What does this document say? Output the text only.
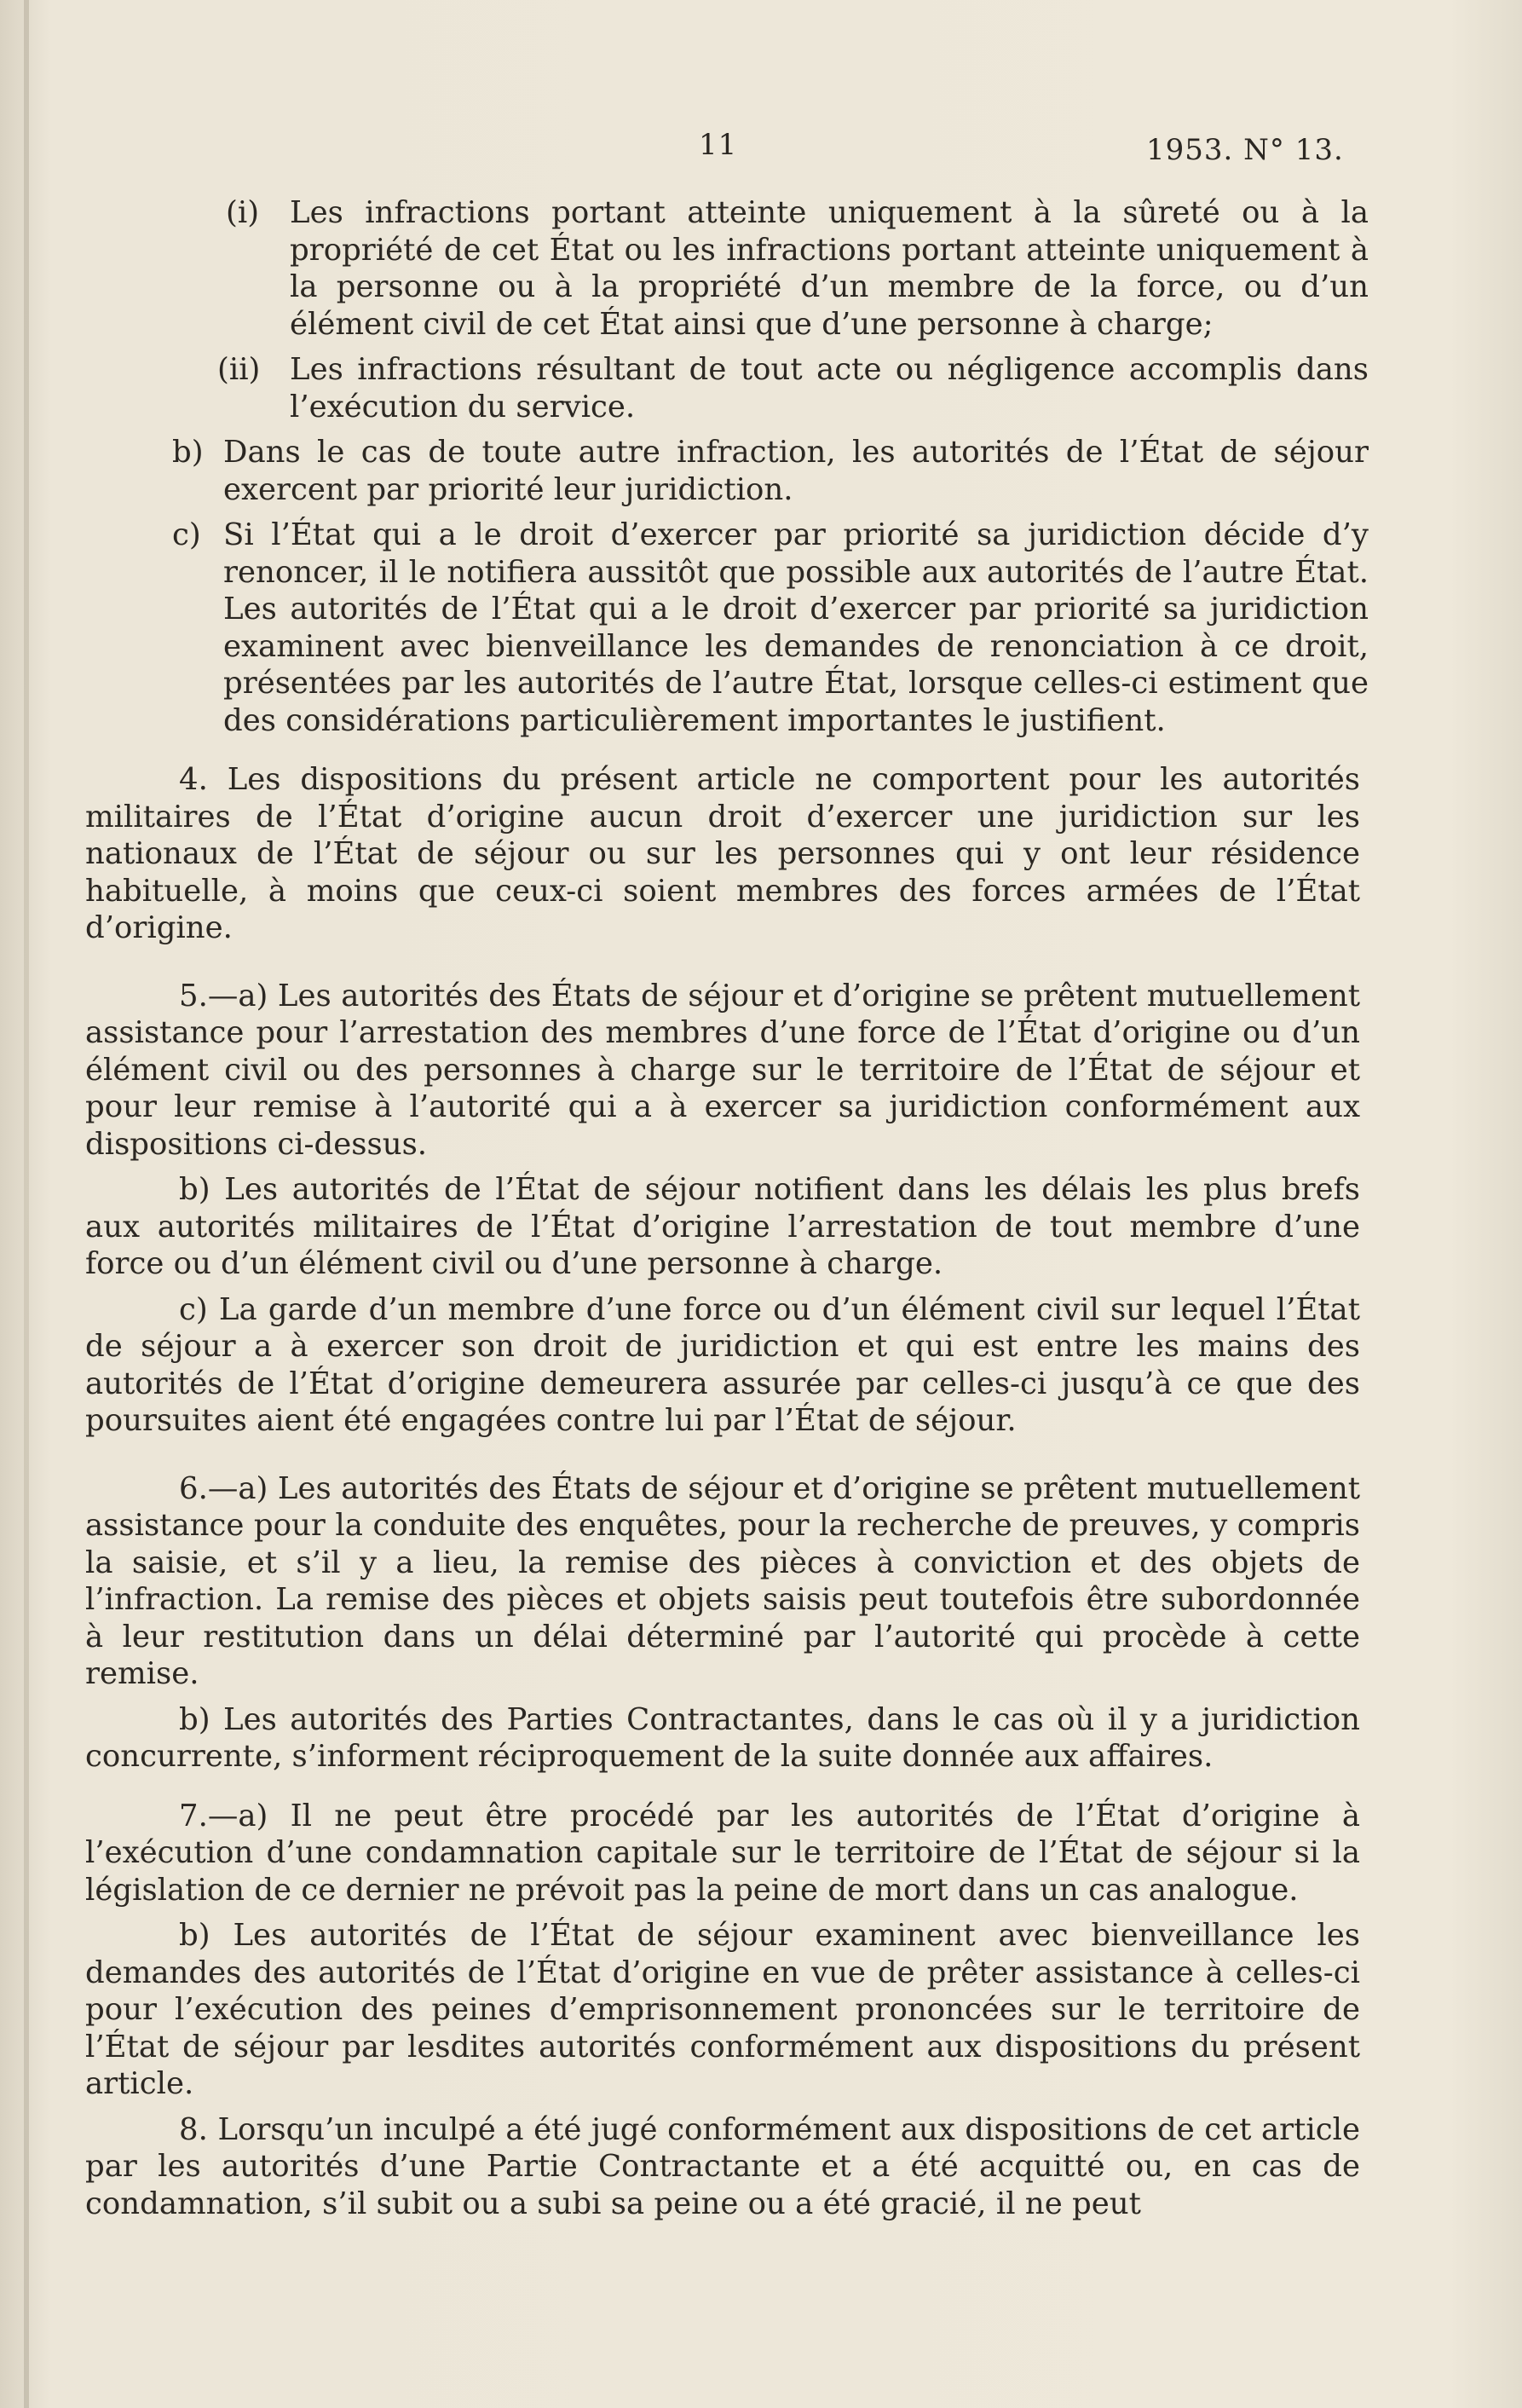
11	1953. N° 13.
(i) Les infractions portant atteinte uniquement à la sûreté ou à la propriété de cet État ou les infractions portant atteinte uniquement à la personne ou à la propriété d’un membre de la force, ou d’un élément civil de cet État ainsi que d’une personne à charge;
(ii) Les infractions résultant de tout acte ou négligence accomplis dans l’exécution du service.
b) Dans le cas de toute autre infraction, les autorités de l’État de séjour exercent par priorité leur juridiction.
c) Si l’État qui a le droit d’exercer par priorité sa juridiction décide d’y renoncer, il le notifiera aussitôt que possible aux autorités de l’autre État. Les autorités de l’État qui a le droit d’exercer par priorité sa juridiction examinent avec bienveillance les demandes de renonciation à ce droit, présentées par les autorités de l’autre État, lorsque celles-ci estiment que des considérations particulièrement importantes le justifient.
4. Les dispositions du présent article ne comportent pour les autorités militaires de l’État d’origine aucun droit d’exercer une juridiction sur les nationaux de l’État de séjour ou sur les personnes qui y ont leur résidence habituelle, à moins que ceux-ci soient membres des forces armées de l’État d’origine.
5.—a) Les autorités des États de séjour et d’origine se prêtent mutuellement assistance pour l’arrestation des membres d’une force de l’État d’origine ou d’un élément civil ou des personnes à charge sur le territoire de l’État de séjour et pour leur remise à l’autorité qui a à exercer sa juridiction conformément aux dispositions ci-dessus.
b) Les autorités de l’État de séjour notifient dans les délais les plus brefs aux autorités militaires de l’État d’origine l’arrestation de tout membre d’une force ou d’un élément civil ou d’une personne à charge.
c) La garde d’un membre d’une force ou d’un élément civil sur lequel l’État de séjour a à exercer son droit de juridiction et qui est entre les mains des autorités de l’État d’origine demeurera assurée par celles-ci jusqu’à ce que des poursuites aient été engagées contre lui par l’État de séjour.
6.—a) Les autorités des États de séjour et d’origine se prêtent mutuellement assistance pour la conduite des enquêtes, pour la recherche de preuves, y compris la saisie, et s’il y a lieu, la remise des pièces à conviction et des objets de l’infraction. La remise des pièces et objets saisis peut toutefois être subordonnée à leur restitution dans un délai déterminé par l’autorité qui procède à cette remise.
b) Les autorités des Parties Contractantes, dans le cas où il y a juridiction concurrente, s’informent réciproquement de la suite donnée aux affaires.
7.—a) Il ne peut être procédé par les autorités de l’État d’origine à l’exécution d’une condamnation capitale sur le territoire de l’État de séjour si la législation de ce dernier ne prévoit pas la peine de mort dans un cas analogue.
b) Les autorités de l’État de séjour examinent avec bienveillance les demandes des autorités de l’État d’origine en vue de prêter assistance à celles-ci pour l’exécution des peines d’emprisonnement prononcées sur le territoire de l’État de séjour par lesdites autorités conformément aux dispositions du présent article.
8. Lorsqu’un inculpé a été jugé conformément aux dispositions de cet article par les autorités d’une Partie Contractante et a été acquitté ou, en cas de condamnation, s’il subit ou a subi sa peine ou a été gracié, il ne peut
